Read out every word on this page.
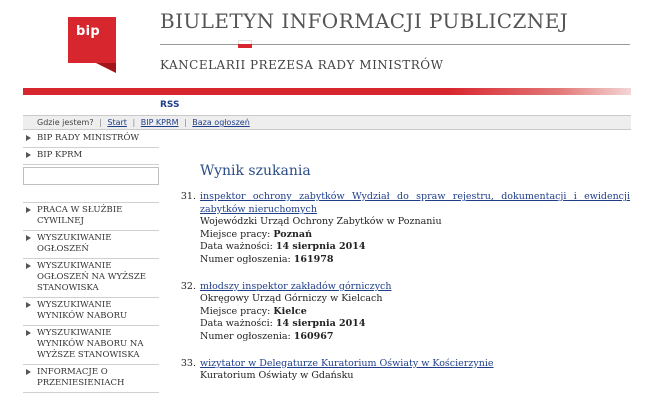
bip	BIULETYN INFORMACJI PUBLICZNEJ
KANCELARII PREZESA RADY MINISTRÓW
RSS
Gdzie jestem? | Start | BIP KPRM | Baza ogłoszeń
BIP RADY MINISTRÓW
BIP KPRM
PRACA W SŁUŻBIE CYWILNEJ
WYSZUKIWANIE OGŁOSZEŃ
WYSZUKIWANIE OGŁOSZEŃ NA WYŻSZE STANOWISKA
WYSZUKIWANIE WYNIKÓW NABORU
WYSZUKIWANIE WYNIKÓW NABORU NA WYŻSZE STANOWISKA
INFORMACJE O PRZENIESIENIACH
Wynik szukania
31. inspektor ochrony zabytków Wydział do spraw rejestru, dokumentacji i ewidencji zabytków nieruchomych
Wojewódzki Urząd Ochrony Zabytków w Poznaniu
Miejsce pracy: Poznań
Data ważności: 14 sierpnia 2014
Numer ogłoszenia: 161978
32. młodszy inspektor zakładów górniczych
Okręgowy Urząd Górniczy w Kielcach
Miejsce pracy: Kielce
Data ważności: 14 sierpnia 2014
Numer ogłoszenia: 160967
33. wizytator w Delegaturze Kuratorium Oświaty w Kościerzynie
Kuratorium Oświaty w Gdańsku
